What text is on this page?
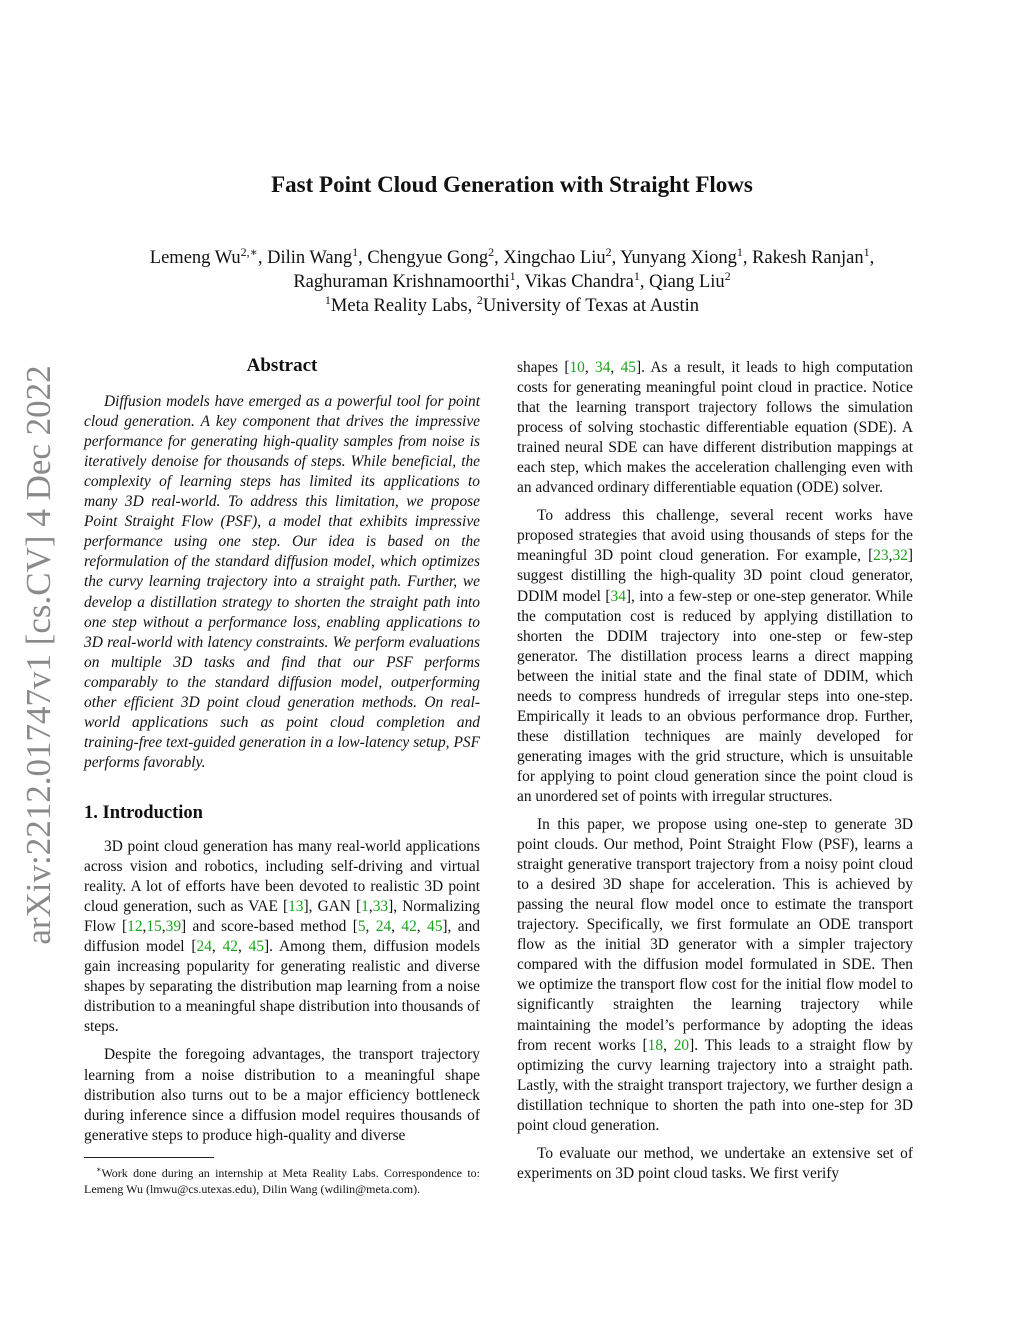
arXiv:2212.01747v1 [cs.CV] 4 Dec 2022
Fast Point Cloud Generation with Straight Flows
Lemeng $Wu^{2,∗}$, Dilin Wang$^1$, Chengyue Gong$^2$, Xingchao Liu$^2$, Yunyang Xiong$^1$, Rakesh Ranjan$^1$,
Raghuraman Krishnamoorthi$^1$, Vikas Chandra$^1$, Qiang Liu$^2$
$^1$Meta Reality Labs, $^2$University of Texas at Austin

Abstract

Diffusion models have emerged as a powerful tool for point cloud generation. A key component that drives the impressive performance for generating high-quality samples from noise is iteratively denoise for thousands of steps. While beneficial, the complexity of learning steps has limited its applications to many 3D real-world. To address this limitation, we propose Point Straight Flow (PSF), a model that exhibits impressive performance using one step. Our idea is based on the reformulation of the standard diffusion model, which optimizes the curvy learning trajectory into a straight path. Further, we develop a distillation strategy to shorten the straight path into one step without a performance loss, enabling applications to 3D real-world with latency constraints. We perform evaluations on multiple 3D tasks and find that our PSF performs comparably to the standard diffusion model, outperforming other efficient 3D point cloud generation methods. On real-world applications such as point cloud completion and training-free text-guided generation in a low-latency setup, PSF performs favorably.

1. Introduction

3D point cloud generation has many real-world applications across vision and robotics, including self-driving and virtual reality. A lot of efforts have been devoted to realistic 3D point cloud generation, such as VAE [13], GAN [1,33], Normalizing Flow [12,15,39] and score-based method [5, 24, 42, 45], and diffusion model [24, 42, 45]. Among them, diffusion models gain increasing popularity for generating realistic and diverse shapes by separating the distribution map learning from a noise distribution to a meaningful shape distribution into thousands of steps.

Despite the foregoing advantages, the transport trajectory learning from a noise distribution to a meaningful shape distribution also turns out to be a major efficiency bottleneck during inference since a diffusion model requires thousands of generative steps to produce high-quality and diverse

∗Work done during an internship at Meta Reality Labs. Correspondence to: Lemeng Wu (lmwu@cs.utexas.edu), Dilin Wang (wdilin@meta.com).

shapes [10, 34, 45]. As a result, it leads to high computation costs for generating meaningful point cloud in practice. Notice that the learning transport trajectory follows the simulation process of solving stochastic differentiable equation (SDE). A trained neural SDE can have different distribution mappings at each step, which makes the acceleration challenging even with an advanced ordinary differentiable equation (ODE) solver.

To address this challenge, several recent works have proposed strategies that avoid using thousands of steps for the meaningful 3D point cloud generation. For example, [23,32] suggest distilling the high-quality 3D point cloud generator, DDIM model [34], into a few-step or one-step generator. While the computation cost is reduced by applying distillation to shorten the DDIM trajectory into one-step or few-step generator. The distillation process learns a direct mapping between the initial state and the final state of DDIM, which needs to compress hundreds of irregular steps into one-step. Empirically it leads to an obvious performance drop. Further, these distillation techniques are mainly developed for generating images with the grid structure, which is unsuitable for applying to point cloud generation since the point cloud is an unordered set of points with irregular structures.

In this paper, we propose using one-step to generate 3D point clouds. Our method, Point Straight Flow (PSF), learns a straight generative transport trajectory from a noisy point cloud to a desired 3D shape for acceleration. This is achieved by passing the neural flow model once to estimate the transport trajectory. Specifically, we first formulate an ODE transport flow as the initial 3D generator with a simpler trajectory compared with the diffusion model formulated in SDE. Then we optimize the transport flow cost for the initial flow model to significantly straighten the learning trajectory while maintaining the model’s performance by adopting the ideas from recent works [18, 20]. This leads to a straight flow by optimizing the curvy learning trajectory into a straight path. Lastly, with the straight transport trajectory, we further design a distillation technique to shorten the path into one-step for 3D point cloud generation.

To evaluate our method, we undertake an extensive set of experiments on 3D point cloud tasks. We first verify
